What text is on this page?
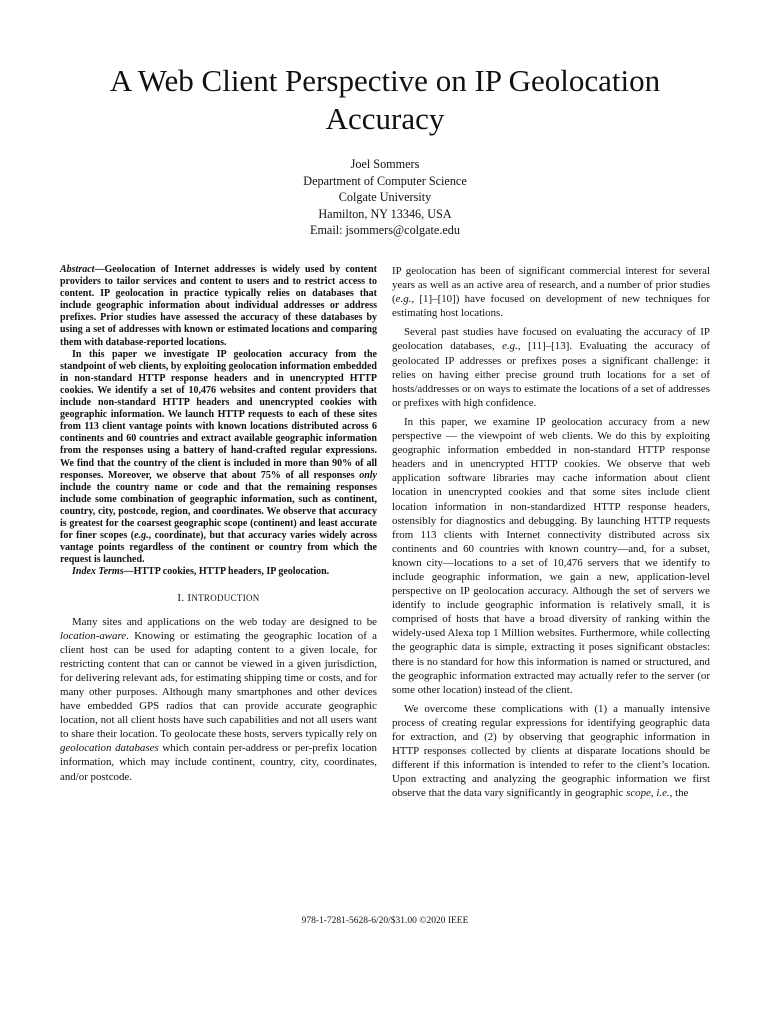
A Web Client Perspective on IP Geolocation
Accuracy
Joel Sommers
Department of Computer Science
Colgate University
Hamilton, NY 13346, USA
Email: jsommers@colgate.edu

Abstract—Geolocation of Internet addresses is widely used by content providers to tailor services and content to users and to restrict access to content. IP geolocation in practice typically relies on databases that include geographic information about individual addresses or address prefixes. Prior studies have assessed the accuracy of these databases by using a set of addresses with known or estimated locations and comparing them with database-reported locations.

In this paper we investigate IP geolocation accuracy from the standpoint of web clients, by exploiting geolocation information embedded in non-standard HTTP response headers and in unencrypted HTTP cookies. We identify a set of 10,476 websites and content providers that include non-standard HTTP headers and unencrypted cookies with geographic information. We launch HTTP requests to each of these sites from 113 client vantage points with known locations distributed across 6 continents and 60 countries and extract available geographic information from the responses using a battery of hand-crafted regular expressions. We find that the country of the client is included in more than 90% of all responses. Moreover, we observe that about 75% of all responses only include the country name or code and that the remaining responses include some combination of geographic information, such as continent, country, city, postcode, region, and coordinates. We observe that accuracy is greatest for the coarsest geographic scope (continent) and least accurate for finer scopes (e.g., coordinate), but that accuracy varies widely across vantage points regardless of the continent or country from which the request is launched.

Index Terms—HTTP cookies, HTTP headers, IP geolocation.

I. INTRODUCTION

Many sites and applications on the web today are designed to be location-aware. Knowing or estimating the geographic location of a client host can be used for adapting content to a given locale, for restricting content that can or cannot be viewed in a given jurisdiction, for delivering relevant ads, for estimating shipping time or costs, and for many other purposes. Although many smartphones and other devices have embedded GPS radios that can provide accurate geographic location, not all client hosts have such capabilities and not all users want to share their location. To geolocate these hosts, servers typically rely on geolocation databases which contain per-address or per-prefix location information, which may include continent, country, city, coordinates, and/or postcode.

IP geolocation has been of significant commercial interest for several years as well as an active area of research, and a number of prior studies (e.g., [1]–[10]) have focused on development of new techniques for estimating host locations.

Several past studies have focused on evaluating the accuracy of IP geolocation databases, e.g., [11]–[13]. Evaluating the accuracy of geolocated IP addresses or prefixes poses a significant challenge: it relies on having either precise ground truth locations for a set of hosts/addresses or on ways to estimate the locations of a set of addresses or prefixes with high confidence.

In this paper, we examine IP geolocation accuracy from a new perspective — the viewpoint of web clients. We do this by exploiting geographic information embedded in non-standard HTTP response headers and in unencrypted HTTP cookies. We observe that web application software libraries may cache information about client location in unencrypted cookies and that some sites include client location information in non-standardized HTTP response headers, ostensibly for diagnostics and debugging. By launching HTTP requests from 113 clients with Internet connectivity distributed across six continents and 60 countries with known country—and, for a subset, known city—locations to a set of 10,476 servers that we identify to include geographic information, we gain a new, application-level perspective on IP geolocation accuracy. Although the set of servers we identify to include geographic information is relatively small, it is comprised of hosts that have a broad diversity of ranking within the widely-used Alexa top 1 Million websites. Furthermore, while collecting the geographic data is simple, extracting it poses significant obstacles: there is no standard for how this information is named or structured, and the geographic information extracted may actually refer to the server (or some other location) instead of the client.

We overcome these complications with (1) a manually intensive process of creating regular expressions for identifying geographic data for extraction, and (2) by observing that geographic information in HTTP responses collected by clients at disparate locations should be different if this information is intended to refer to the client’s location. Upon extracting and analyzing the geographic information we first observe that the data vary significantly in geographic scope, i.e., the

978-1-7281-5628-6/20/$31.00 ©2020 IEEE
